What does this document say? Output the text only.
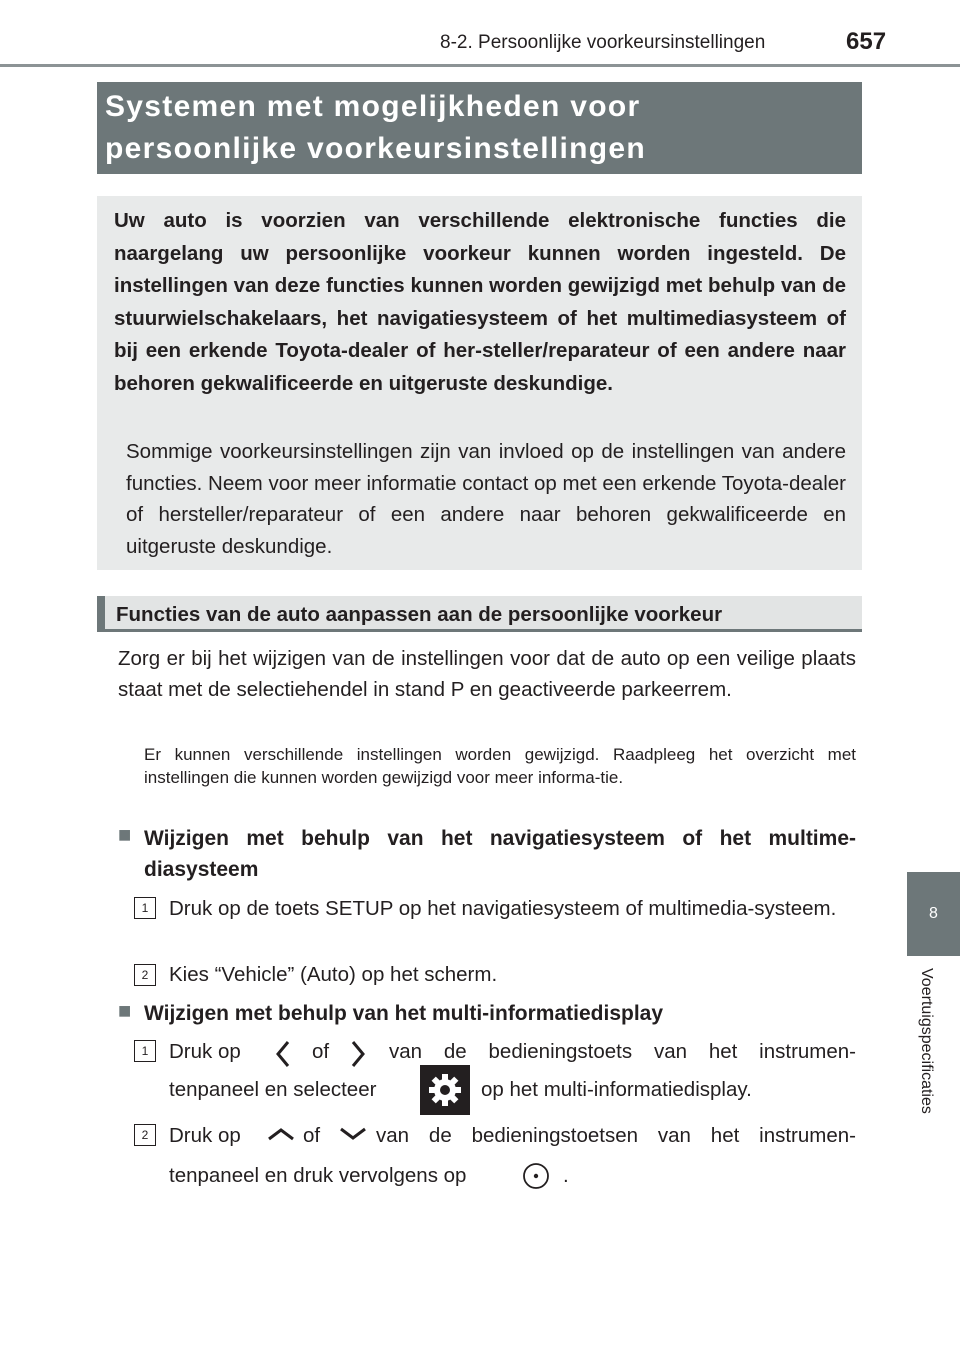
8-2. Persoonlijke voorkeursinstellingen	657
8
Voertuigspecificaties
Systemen met mogelijkheden voor
persoonlijke voorkeursinstellingen
Uw auto is voorzien van verschillende elektronische functies die naargelang uw persoonlijke voorkeur kunnen worden ingesteld. De instellingen van deze functies kunnen worden gewijzigd met behulp van de stuurwielschakelaars, het navigatiesysteem of het multimediasysteem of bij een erkende Toyota-dealer of her-steller/reparateur of een andere naar behoren gekwalificeerde en uitgeruste deskundige.
Sommige voorkeursinstellingen zijn van invloed op de instellingen van andere functies. Neem voor meer informatie contact op met een erkende Toyota-dealer of hersteller/reparateur of een andere naar behoren gekwalificeerde en uitgeruste deskundige.
Functies van de auto aanpassen aan de persoonlijke voorkeur
Zorg er bij het wijzigen van de instellingen voor dat de auto op een veilige plaats staat met de selectiehendel in stand P en geactiveerde parkeerrem.
Er kunnen verschillende instellingen worden gewijzigd. Raadpleeg het overzicht met instellingen die kunnen worden gewijzigd voor meer informa-tie.
■ Wijzigen met behulp van het navigatiesysteem of het multime-diasysteem
1	Druk op de toets SETUP op het navigatiesysteem of multimedia-systeem.
2	Kies “Vehicle” (Auto) op het scherm.
■ Wijzigen met behulp van het multi-informatiedisplay
1	Druk op	of	van de bedieningstoets van het instrumen-
tenpaneel en selecteer	op het multi-informatiedisplay.
2	Druk op	of	van de bedieningstoetsen van het instrumen-
tenpaneel en druk vervolgens op	.
